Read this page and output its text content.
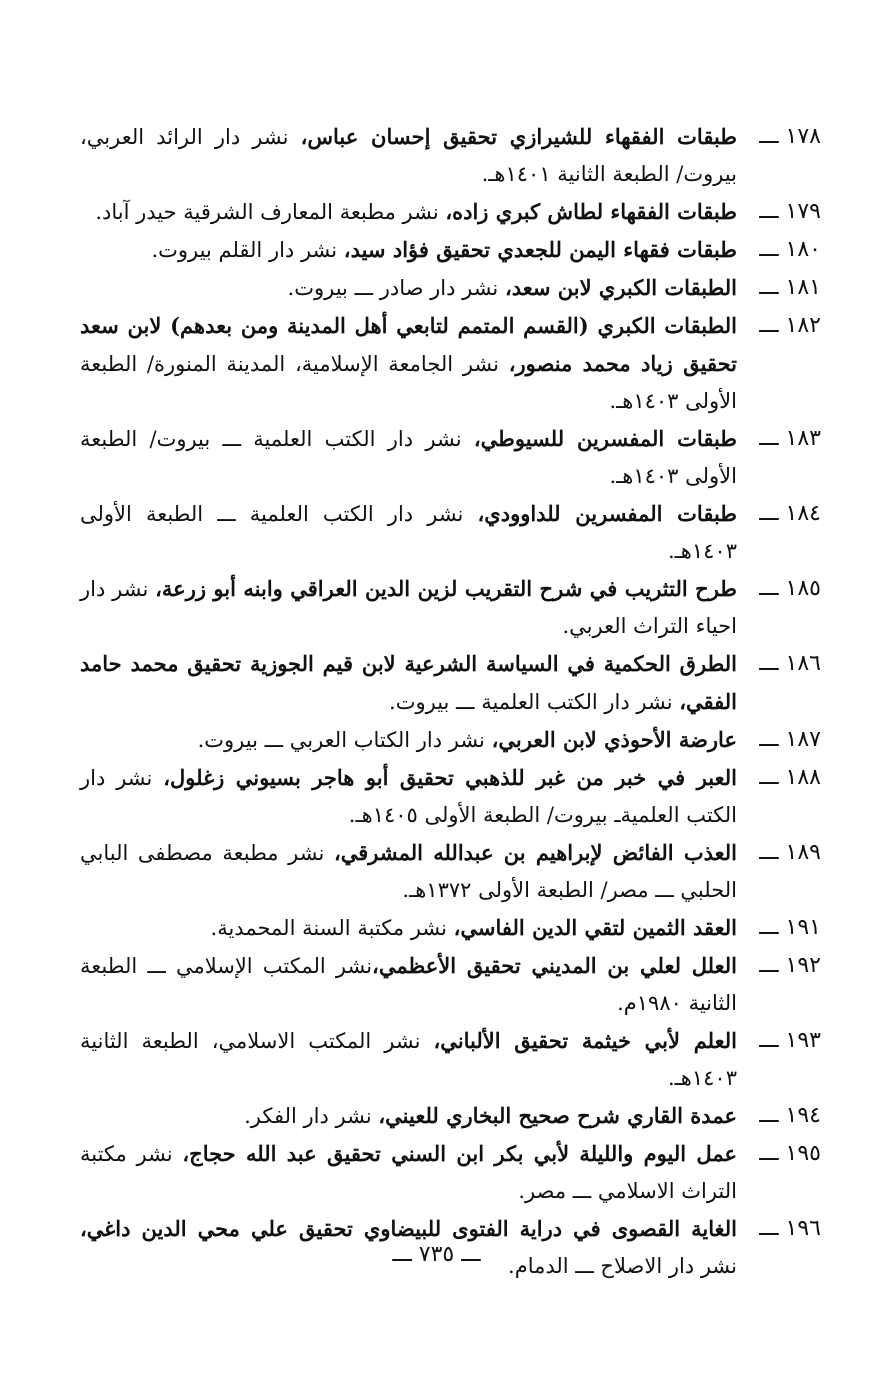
١٧٨ ـــ
طبقات الفقهاء للشيرازي تحقيق إحسان عباس، نشر دار الرائد العربي، بيروت/ الطبعة الثانية ١٤٠١هـ.
١٧٩ ـــ
طبقات الفقهاء لطاش كبري زاده، نشر مطبعة المعارف الشرقية حيدر آباد.
١٨٠ ـــ
طبقات فقهاء اليمن للجعدي تحقيق فؤاد سيد، نشر دار القلم بيروت.
١٨١ ـــ
الطبقات الكبري لابن سعد، نشر دار صادر ـــ بيروت.
١٨٢ ـــ
الطبقات الكبري (القسم المتمم لتابعي أهل المدينة ومن بعدهم) لابن سعد تحقيق زياد محمد منصور، نشر الجامعة الإسلامية، المدينة المنورة/ الطبعة الأولى ١٤٠٣هـ.
١٨٣ ـــ
طبقات المفسرين للسيوطي، نشر دار الكتب العلمية ـــ بيروت/ الطبعة الأولى ١٤٠٣هـ.
١٨٤ ـــ
طبقات المفسرين للداوودي، نشر دار الكتب العلمية ـــ الطبعة الأولى ١٤٠٣هـ.
١٨٥ ـــ
طرح التثريب في شرح التقريب لزين الدين العراقي وابنه أبو زرعة، نشر دار احياء التراث العربي.
١٨٦ ـــ
الطرق الحكمية في السياسة الشرعية لابن قيم الجوزية تحقيق محمد حامد الفقي، نشر دار الكتب العلمية ـــ بيروت.
١٨٧ ـــ
عارضة الأحوذي لابن العربي، نشر دار الكتاب العربي ـــ بيروت.
١٨٨ ـــ
العبر في خبر من غبر للذهبي تحقيق أبو هاجر بسيوني زغلول، نشر دار الكتب العلميةـ بيروت/ الطبعة الأولى ١٤٠٥هـ.
١٨٩ ـــ
العذب الفائض لإبراهيم بن عبدالله المشرقي، نشر مطبعة مصطفى البابي الحلبي ـــ مصر/ الطبعة الأولى ١٣٧٢هـ.
١٩١ ـــ
العقد الثمين لتقي الدين الفاسي، نشر مكتبة السنة المحمدية.
١٩٢ ـــ
العلل لعلي بن المديني تحقيق الأعظمي،نشر المكتب الإسلامي ـــ الطبعة الثانية ١٩٨٠م.
١٩٣ ـــ
العلم لأبي خيثمة تحقيق الألباني، نشر المكتب الاسلامي، الطبعة الثانية ١٤٠٣هـ.
١٩٤ ـــ
عمدة القاري شرح صحيح البخاري للعيني، نشر دار الفكر.
١٩٥ ـــ
عمل اليوم والليلة لأبي بكر ابن السني تحقيق عبد الله حجاج، نشر مكتبة التراث الاسلامي ـــ مصر.
١٩٦ ـــ
الغاية القصوى في دراية الفتوى للبيضاوي تحقيق علي محي الدين داغي، نشر دار الاصلاح ـــ الدمام.
ـــ ٧٣٥ ـــ
